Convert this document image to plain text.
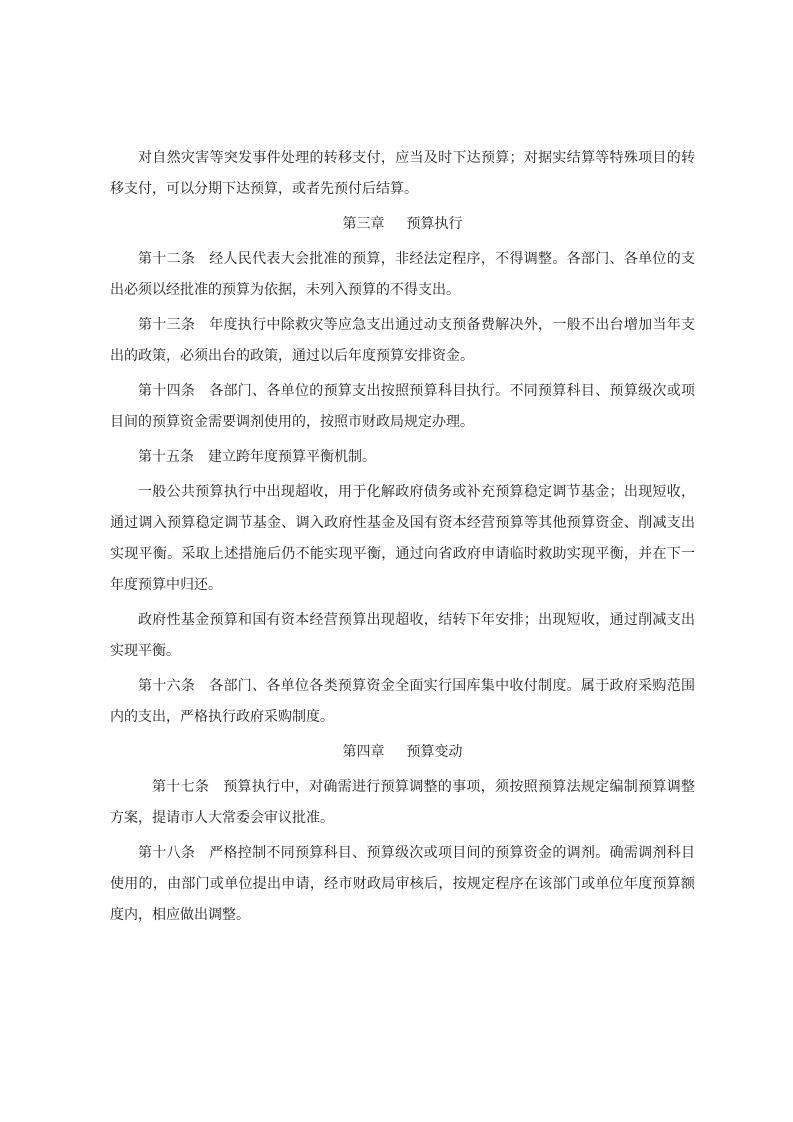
对自然灾害等突发事件处理的转移支付，应当及时下达预算；对据实结算等特殊项目的转移支付，可以分期下达预算，或者先预付后结算。

第三章 预算执行

第十二条 经人民代表大会批准的预算，非经法定程序，不得调整。各部门、各单位的支出必须以经批准的预算为依据，未列入预算的不得支出。

第十三条 年度执行中除救灾等应急支出通过动支预备费解决外，一般不出台增加当年支出的政策，必须出台的政策，通过以后年度预算安排资金。

第十四条 各部门、各单位的预算支出按照预算科目执行。不同预算科目、预算级次或项目间的预算资金需要调剂使用的，按照市财政局规定办理。

第十五条 建立跨年度预算平衡机制。

一般公共预算执行中出现超收，用于化解政府债务或补充预算稳定调节基金；出现短收，通过调入预算稳定调节基金、调入政府性基金及国有资本经营预算等其他预算资金、削减支出实现平衡。采取上述措施后仍不能实现平衡，通过向省政府申请临时救助实现平衡，并在下一年度预算中归还。

政府性基金预算和国有资本经营预算出现超收，结转下年安排；出现短收，通过削减支出实现平衡。

第十六条 各部门、各单位各类预算资金全面实行国库集中收付制度。属于政府采购范围内的支出，严格执行政府采购制度。

第四章 预算变动

第十七条 预算执行中，对确需进行预算调整的事项，须按照预算法规定编制预算调整方案，提请市人大常委会审议批准。

第十八条 严格控制不同预算科目、预算级次或项目间的预算资金的调剂。确需调剂科目使用的，由部门或单位提出申请，经市财政局审核后，按规定程序在该部门或单位年度预算额度内，相应做出调整。
